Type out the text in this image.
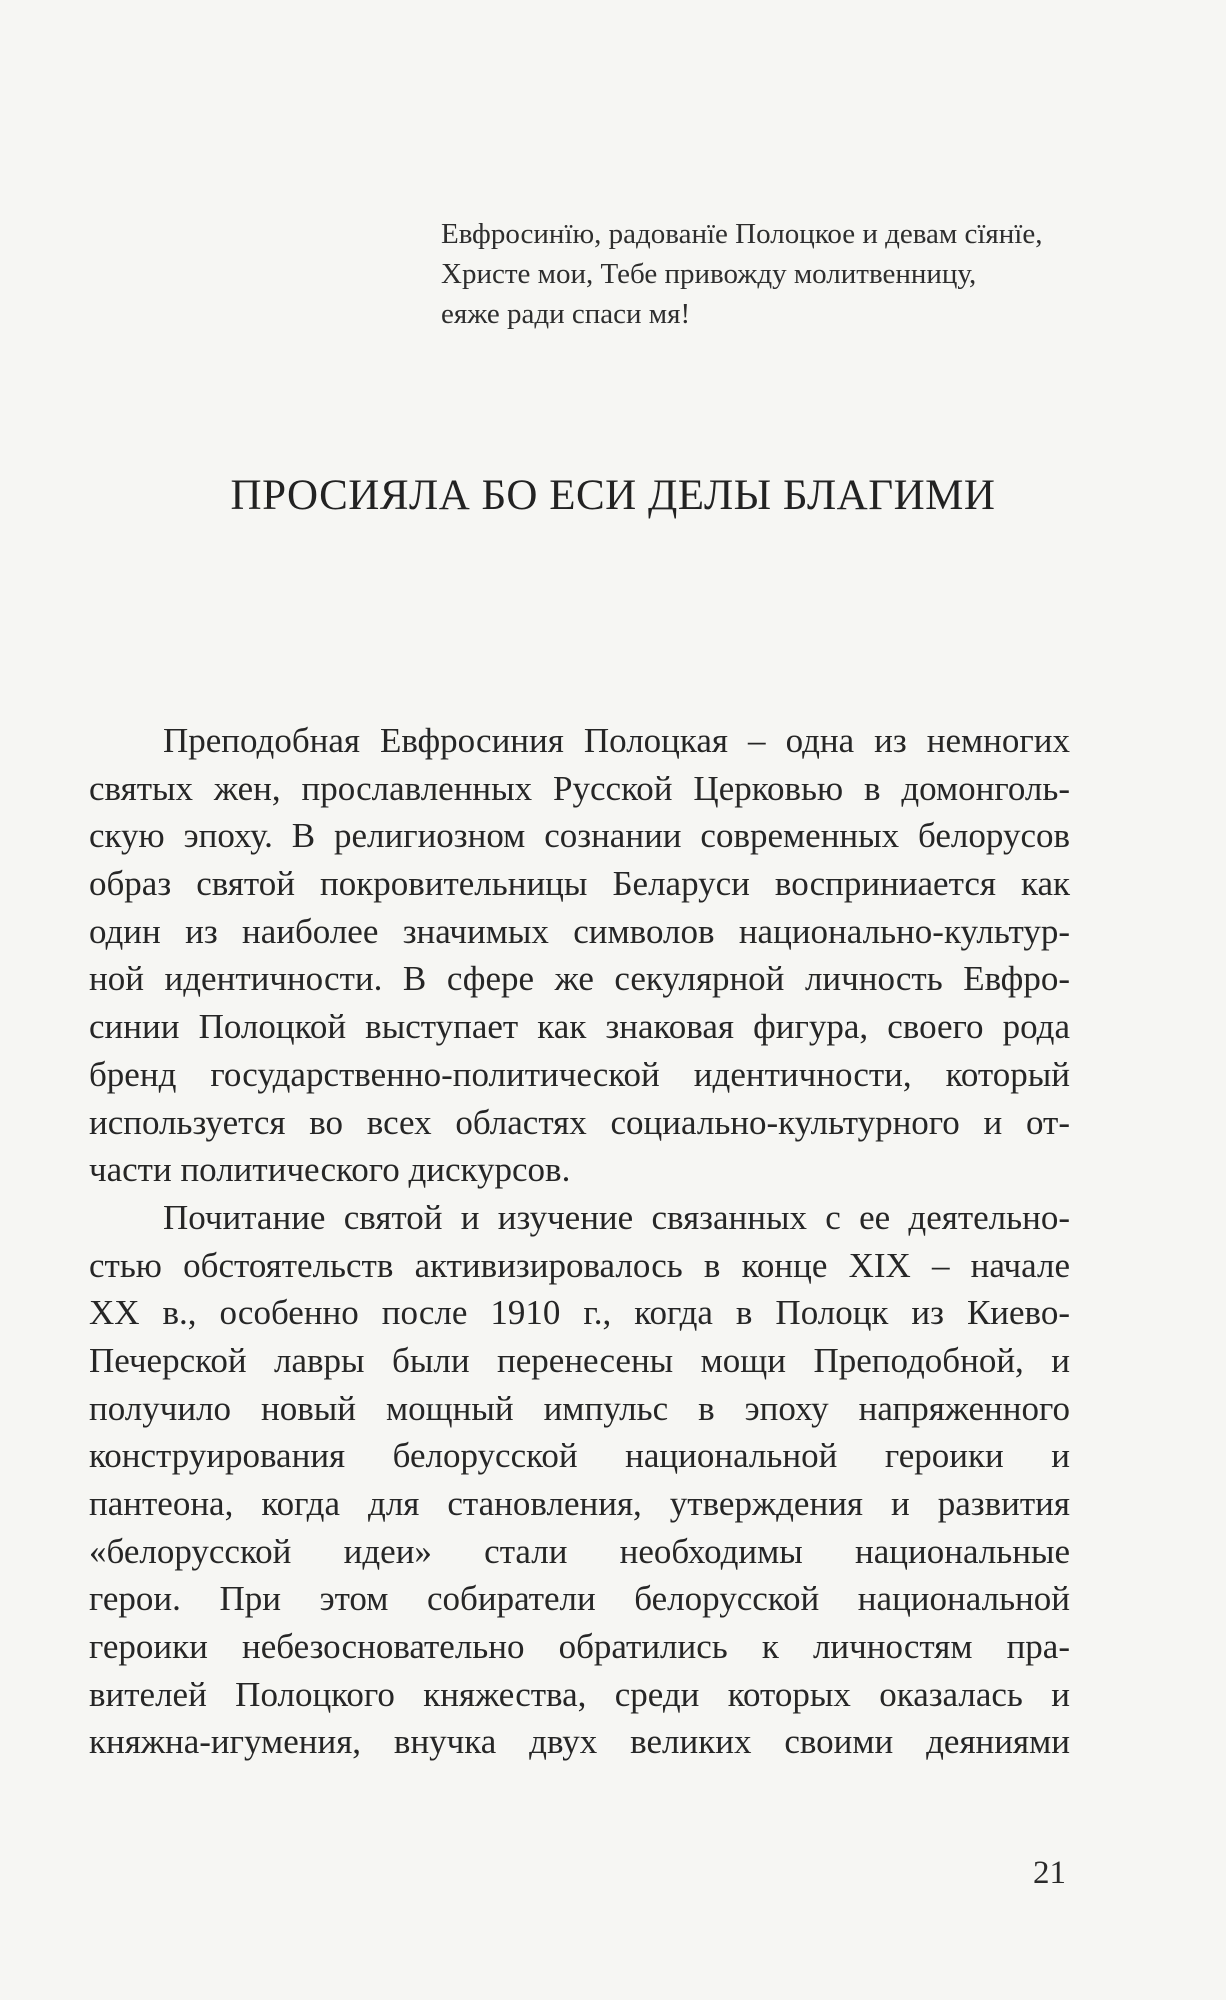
Евфросинїю, радованїе Полоцкое и девам сїянїе,
Христе мои, Тебе привожду молитвенницу,
еяже ради спаси мя!
ПРОСИЯЛА БО ЕСИ ДЕЛЫ БЛАГИМИ
Преподобная Евфросиния Полоцкая – одна из немногих
святых жен, прославленных Русской Церковью в домонголь-
скую эпоху. В религиозном сознании современных белорусов
образ святой покровительницы Беларуси восприниается как
один из наиболее значимых символов национально-культур-
ной идентичности. В сфере же секулярной личность Евфро-
синии Полоцкой выступает как знаковая фигура, своего рода
бренд государственно-политической идентичности, который
используется во всех областях социально-культурного и от-
части политического дискурсов.
Почитание святой и изучение связанных с ее деятельно-
стью обстоятельств активизировалось в конце XIX – начале
XX в., особенно после 1910 г., когда в Полоцк из Киево-
Печерской лавры были перенесены мощи Преподобной, и
получило новый мощный импульс в эпоху напряженного
конструирования белорусской национальной героики и
пантеона, когда для становления, утверждения и развития
«белорусской идеи» стали необходимы национальные
герои. При этом собиратели белорусской национальной
героики небезосновательно обратились к личностям пра-
вителей Полоцкого княжества, среди которых оказалась и
княжна-игумения, внучка двух великих своими деяниями
21
